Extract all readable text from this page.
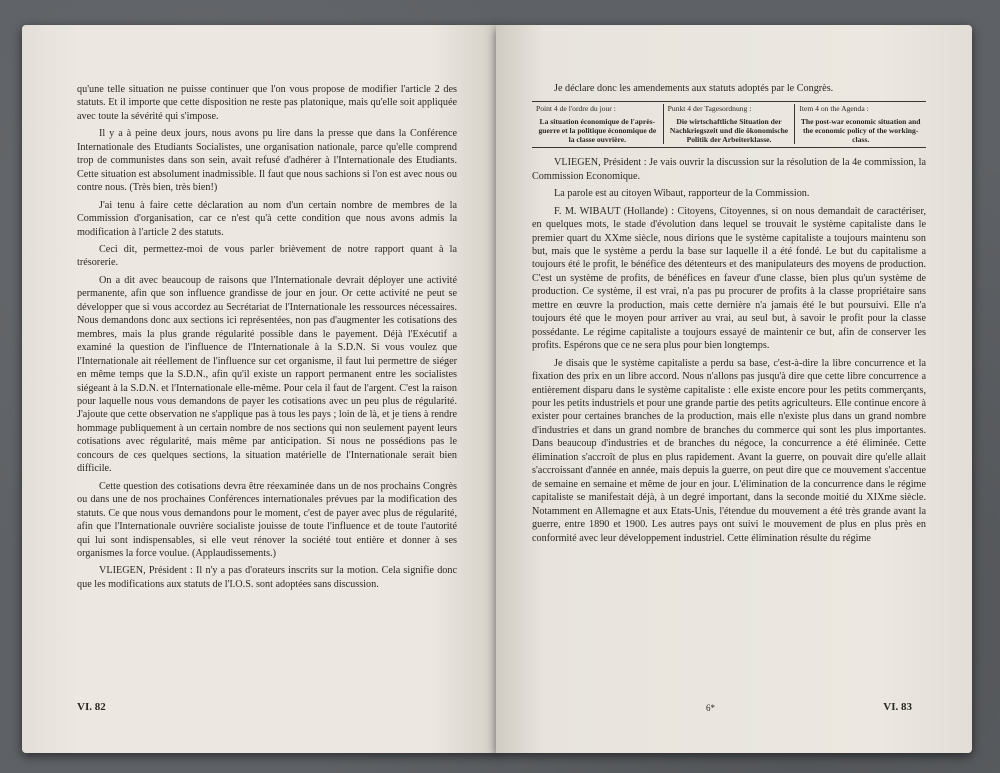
qu'une telle situation ne puisse continuer que l'on vous propose de modifier l'article 2 des statuts. Et il importe que cette disposition ne reste pas platonique, mais qu'elle soit appliquée avec toute la sévérité qui s'impose.

Il y a à peine deux jours, nous avons pu lire dans la presse que dans la Conférence Internationale des Etudiants Socialistes, une organisation nationale, parce qu'elle comprend trop de communistes dans son sein, avait refusé d'adhérer à l'Internationale des Etudiants. Cette situation est absolument inadmissible. Il faut que nous sachions si l'on est avec nous ou contre nous. (Très bien, très bien!)

J'ai tenu à faire cette déclaration au nom d'un certain nombre de membres de la Commission d'organisation, car ce n'est qu'à cette condition que nous avons admis la modification à l'article 2 des statuts.

Ceci dit, permettez-moi de vous parler brièvement de notre rapport quant à la trésorerie.

On a dit avec beaucoup de raisons que l'Internationale devrait déployer une activité permanente, afin que son influence grandisse de jour en jour. Or cette activité ne peut se développer que si vous accordez au Secrétariat de l'Internationale les ressources nécessaires. Nous demandons donc aux sections ici représentées, non pas d'augmenter les cotisations des membres, mais la plus grande régularité possible dans le payement. Déjà l'Exécutif a examiné la question de l'influence de l'Internationale à la S.D.N. Si vous voulez que l'Internationale ait réellement de l'influence sur cet organisme, il faut lui permettre de siéger en même temps que la S.D.N., afin qu'il existe un rapport permanent entre les socialistes siégeant à la S.D.N. et l'Internationale elle-même. Pour cela il faut de l'argent. C'est la raison pour laquelle nous vous demandons de payer les cotisations avec un peu plus de régularité. J'ajoute que cette observation ne s'applique pas à tous les pays ; loin de là, et je tiens à rendre hommage publiquement à un certain nombre de nos sections qui non seulement payent leurs cotisations avec régularité, mais même par anticipation. Si nous ne possédions pas le concours de ces quelques sections, la situation matérielle de l'Internationale serait bien difficile.

Cette question des cotisations devra être réexaminée dans un de nos prochains Congrès ou dans une de nos prochaines Conférences internationales prévues par la modification des statuts. Ce que nous vous demandons pour le moment, c'est de payer avec plus de régularité, afin que l'Internationale ouvrière socialiste jouisse de toute l'influence et de toute l'autorité qui lui sont indispensables, si elle veut rénover la société tout entière et donner à ses organismes la force voulue. (Applaudissements.)

VLIEGEN, Président : Il n'y a pas d'orateurs inscrits sur la motion. Cela signifie donc que les modifications aux statuts de l'I.O.S. sont adoptées sans discussion.

VI. 82

Je déclare donc les amendements aux statuts adoptés par le Congrès.

Point 4 de l'ordre du jour :
La situation économique de l'après-guerre et la politique économique de la classe ouvrière.
Punkt 4 der Tagesordnung :
Die wirtschaftliche Situation der Nachkriegszeit und die ökonomische Politik der Arbeiterklasse.
Item 4 on the Agenda :
The post-war economic situation and the economic policy of the working-class.

VLIEGEN, Président : Je vais ouvrir la discussion sur la résolution de la 4e commission, la Commission Economique.

La parole est au citoyen Wibaut, rapporteur de la Commission.

F. M. WIBAUT (Hollande) : Citoyens, Citoyennes, si on nous demandait de caractériser, en quelques mots, le stade d'évolution dans lequel se trouvait le système capitaliste dans le premier quart du XXme siècle, nous dirions que le système capitaliste a toujours maintenu son but, mais que le système a perdu la base sur laquelle il a été fondé. Le but du capitalisme a toujours été le profit, le bénéfice des détenteurs et des manipulateurs des moyens de production. C'est un système de profits, de bénéfices en faveur d'une classe, bien plus qu'un système de production. Ce système, il est vrai, n'a pas pu procurer de profits à la classe propriétaire sans mettre en œuvre la production, mais cette dernière n'a jamais été le but poursuivi. Elle n'a toujours été que le moyen pour arriver au vrai, au seul but, à savoir le profit pour la classe possédante. Le régime capitaliste a toujours essayé de maintenir ce but, afin de conserver les profits. Espérons que ce ne sera plus pour bien longtemps.

Je disais que le système capitaliste a perdu sa base, c'est-à-dire la libre concurrence et la fixation des prix en un libre accord. Nous n'allons pas jusqu'à dire que cette libre concurrence a entièrement disparu dans le système capitaliste : elle existe encore pour les petits commerçants, pour les petits industriels et pour une grande partie des petits agriculteurs. Elle continue encore à exister pour certaines branches de la production, mais elle n'existe plus dans un grand nombre d'industries et dans un grand nombre de branches du commerce qui sont les plus importantes. Dans beaucoup d'industries et de branches du négoce, la concurrence a été éliminée. Cette élimination s'accroît de plus en plus rapidement. Avant la guerre, on pouvait dire qu'elle allait s'accroissant d'année en année, mais depuis la guerre, on peut dire que ce mouvement s'accentue de semaine en semaine et même de jour en jour. L'élimination de la concurrence dans le régime capitaliste se manifestait déjà, à un degré important, dans la seconde moitié du XIXme siècle. Notamment en Allemagne et aux Etats-Unis, l'étendue du mouvement a été très grande avant la guerre, entre 1890 et 1900. Les autres pays ont suivi le mouvement de plus en plus près en conformité avec leur développement industriel. Cette élimination résulte du régime

6*	VI. 83
